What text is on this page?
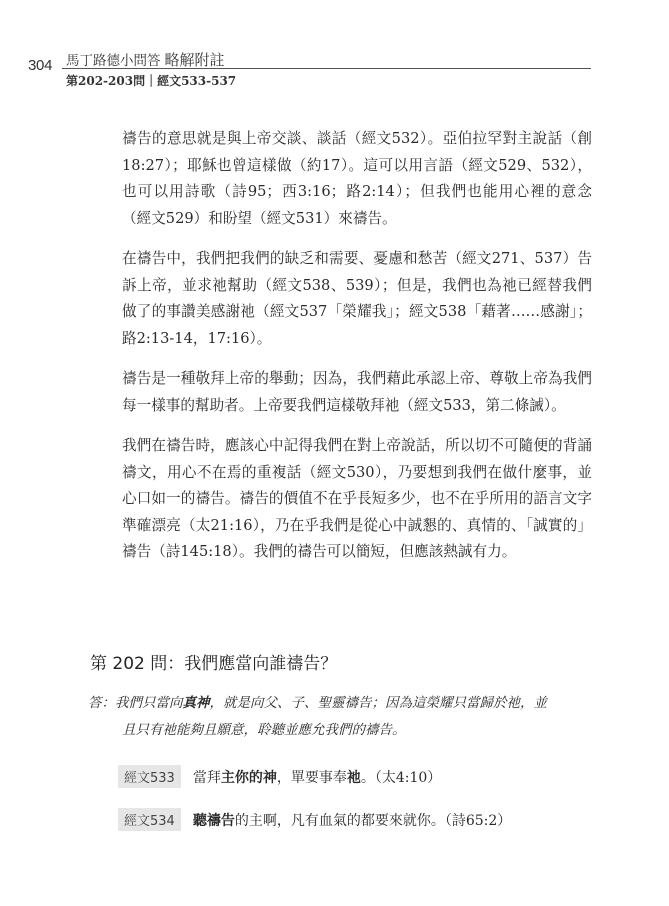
304 馬丁路德小問答 略解附註
第202-203問｜經文533-537

禱告的意思就是與上帝交談、談話（經文532）。亞伯拉罕對主說話（創18:27）；耶穌也曾這樣做（約17）。這可以用言語（經文529、532），也可以用詩歌（詩95；西3:16；路2:14）；但我們也能用心裡的意念（經文529）和盼望（經文531）來禱告。

在禱告中，我們把我們的缺乏和需要、憂慮和愁苦（經文271、537）告訴上帝，並求祂幫助（經文538、539）；但是，我們也為祂已經替我們做了的事讚美感謝祂（經文537「榮耀我」；經文538「藉著……感謝」；路2:13-14，17:16）。

禱告是一種敬拜上帝的舉動；因為，我們藉此承認上帝、尊敬上帝為我們每一樣事的幫助者。上帝要我們這樣敬拜祂（經文533，第二條誡）。

我們在禱告時，應該心中記得我們在對上帝說話，所以切不可隨便的背誦禱文，用心不在焉的重複話（經文530），乃要想到我們在做什麼事，並心口如一的禱告。禱告的價值不在乎長短多少，也不在乎所用的語言文字準確漂亮（太21:16），乃在乎我們是從心中誠懇的、真情的、「誠實的」禱告（詩145:18）。我們的禱告可以簡短，但應該熱誠有力。

第 202 問：我們應當向誰禱告？
答：我們只當向真神，就是向父、子、聖靈禱告；因為這榮耀只當歸於祂，並
且只有祂能夠且願意，聆聽並應允我們的禱告。
經文533	當拜 主你的神 ，單要事奉 祂 。（太4:10）
經文534	聽禱告 的主啊，凡有血氣的都要來就你。（詩65:2）
